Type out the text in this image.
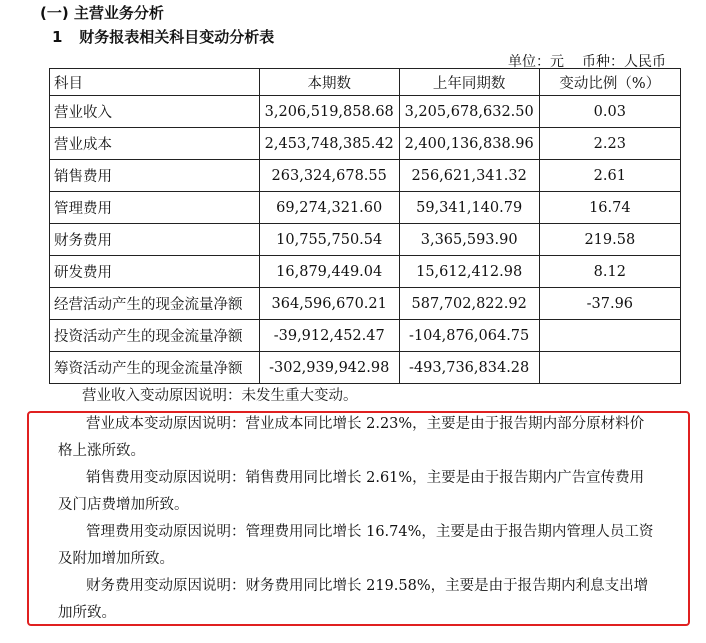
(一) 主营业务分析
1 财务报表相关科目变动分析表
单位：元 币种：人民币
科目	本期数	上年同期数	变动比例（%）
营业收入	3,206,519,858.68	3,205,678,632.50	0.03
营业成本	2,453,748,385.42	2,400,136,838.96	2.23
销售费用	263,324,678.55	256,621,341.32	2.61
管理费用	69,274,321.60	59,341,140.79	16.74
财务费用	10,755,750.54	3,365,593.90	219.58
研发费用	16,879,449.04	15,612,412.98	8.12
经营活动产生的现金流量净额	364,596,670.21	587,702,822.92	-37.96
投资活动产生的现金流量净额	-39,912,452.47	-104,876,064.75	
筹资活动产生的现金流量净额	-302,939,942.98	-493,736,834.28	
营业收入变动原因说明：未发生重大变动。
营业成本变动原因说明：营业成本同比增长 2.23%，主要是由于报告期内部分原材料价格上涨所致。
销售费用变动原因说明：销售费用同比增长 2.61%，主要是由于报告期内广告宣传费用及门店费增加所致。
管理费用变动原因说明：管理费用同比增长 16.74%，主要是由于报告期内管理人员工资及附加增加所致。
财务费用变动原因说明：财务费用同比增长 219.58%，主要是由于报告期内利息支出增加所致。
